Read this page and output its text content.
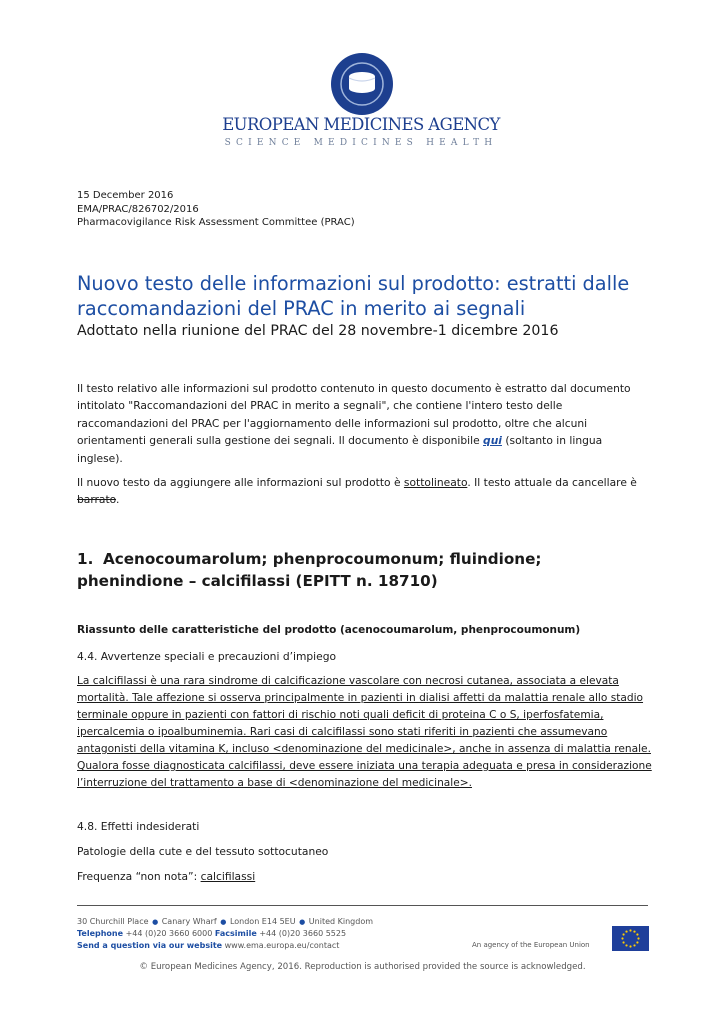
EUROPEAN MEDICINES AGENCY
SCIENCE MEDICINES HEALTH
15 December 2016
EMA/PRAC/826702/2016
Pharmacovigilance Risk Assessment Committee (PRAC)
Nuovo testo delle informazioni sul prodotto: estratti dalle
raccomandazioni del PRAC in merito ai segnali
Adottato nella riunione del PRAC del 28 novembre-1 dicembre 2016

Il testo relativo alle informazioni sul prodotto contenuto in questo documento è estratto dal documento intitolato "Raccomandazioni del PRAC in merito a segnali", che contiene l'intero testo delle raccomandazioni del PRAC per l'aggiornamento delle informazioni sul prodotto, oltre che alcuni orientamenti generali sulla gestione dei segnali. Il documento è disponibile qui (soltanto in lingua inglese).

Il nuovo testo da aggiungere alle informazioni sul prodotto è sottolineato. Il testo attuale da cancellare è barrato.

1. Acenocoumarolum; phenprocoumonum; fluindione; phenindione – calcifilassi (EPITT n. 18710)

Riassunto delle caratteristiche del prodotto (acenocoumarolum, phenprocoumonum)

4.4. Avvertenze speciali e precauzioni d’impiego

La calcifilassi è una rara sindrome di calcificazione vascolare con necrosi cutanea, associata a elevata mortalità. Tale affezione si osserva principalmente in pazienti in dialisi affetti da malattia renale allo stadio terminale oppure in pazienti con fattori di rischio noti quali deficit di proteina C o S, iperfosfatemia, ipercalcemia o ipoalbuminemia. Rari casi di calcifilassi sono stati riferiti in pazienti che assumevano antagonisti della vitamina K, incluso <denominazione del medicinale>, anche in assenza di malattia renale. Qualora fosse diagnosticata calcifilassi, deve essere iniziata una terapia adeguata e presa in considerazione l’interruzione del trattamento a base di <denominazione del medicinale>.

4.8. Effetti indesiderati

Patologie della cute e del tessuto sottocutaneo

Frequenza “non nota”: calcifilassi

30 Churchill Place ● Canary Wharf ● London E14 5EU ● United Kingdom
Telephone +44 (0)20 3660 6000 Facsimile +44 (0)20 3660 5525
Send a question via our website www.ema.europa.eu/contact	An agency of the European Union
© European Medicines Agency, 2016. Reproduction is authorised provided the source is acknowledged.
